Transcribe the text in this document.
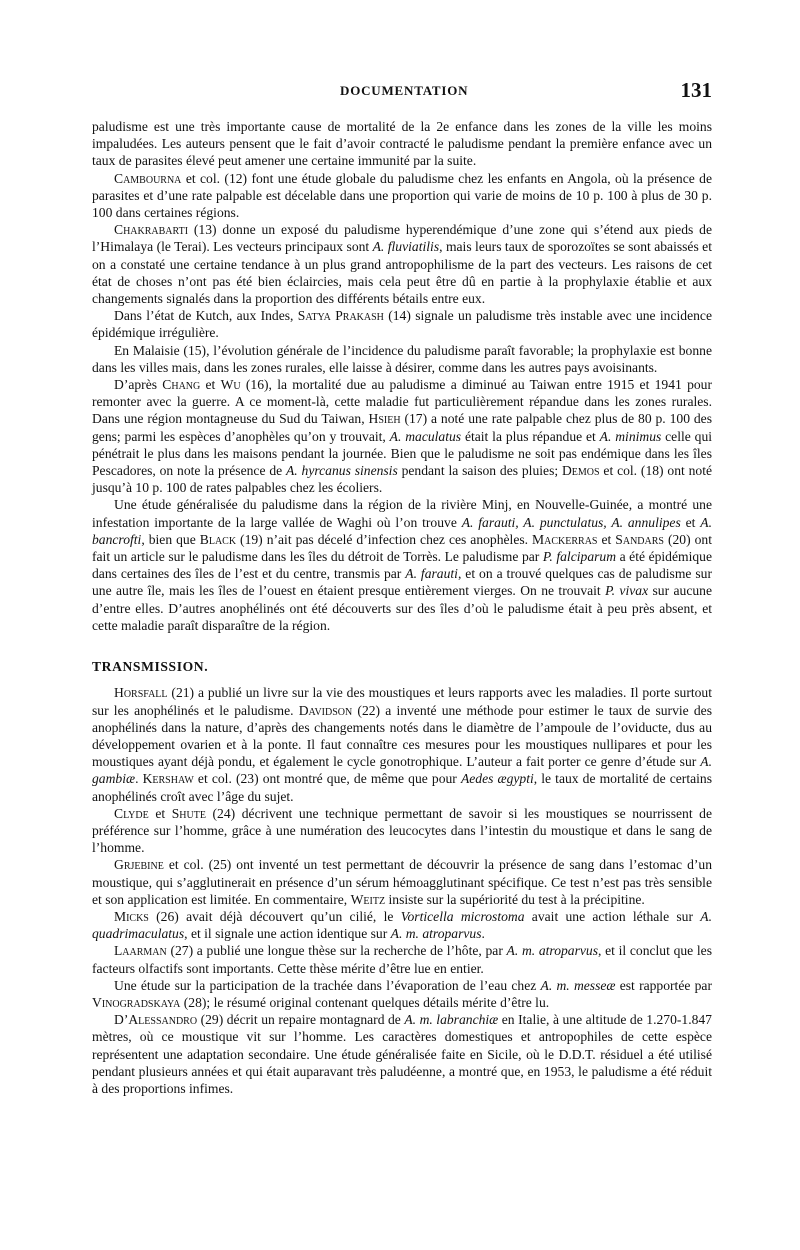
DOCUMENTATION	131

paludisme est une très importante cause de mortalité de la 2e enfance dans les zones de la ville les moins impaludées. Les auteurs pensent que le fait d’avoir contracté le paludisme pendant la première enfance avec un taux de parasites élevé peut amener une certaine immunité par la suite.

Cambourna et col. (12) font une étude globale du paludisme chez les enfants en Angola, où la présence de parasites et d’une rate palpable est décelable dans une proportion qui varie de moins de 10 p. 100 à plus de 30 p. 100 dans certaines régions.

Chakrabarti (13) donne un exposé du paludisme hyperendémique d’une zone qui s’étend aux pieds de l’Himalaya (le Terai). Les vecteurs principaux sont A. fluviatilis, mais leurs taux de sporozoïtes se sont abaissés et on a constaté une certaine tendance à un plus grand antropophilisme de la part des vecteurs. Les raisons de cet état de choses n’ont pas été bien éclaircies, mais cela peut être dû en partie à la prophylaxie établie et aux changements signalés dans la proportion des différents bétails entre eux.

Dans l’état de Kutch, aux Indes, Satya Prakash (14) signale un paludisme très instable avec une incidence épidémique irrégulière.

En Malaisie (15), l’évolution générale de l’incidence du paludisme paraît favorable; la prophylaxie est bonne dans les villes mais, dans les zones rurales, elle laisse à désirer, comme dans les autres pays avoisinants.

D’après Chang et Wu (16), la mortalité due au paludisme a diminué au Taiwan entre 1915 et 1941 pour remonter avec la guerre. A ce moment-là, cette maladie fut particulièrement répandue dans les zones rurales. Dans une région montagneuse du Sud du Taiwan, Hsieh (17) a noté une rate palpable chez plus de 80 p. 100 des gens; parmi les espèces d’anophèles qu’on y trouvait, A. maculatus était la plus répandue et A. minimus celle qui pénétrait le plus dans les maisons pendant la journée. Bien que le paludisme ne soit pas endémique dans les îles Pescadores, on note la présence de A. hyrcanus sinensis pendant la saison des pluies; Demos et col. (18) ont noté jusqu’à 10 p. 100 de rates palpables chez les écoliers.

Une étude généralisée du paludisme dans la région de la rivière Minj, en Nouvelle-Guinée, a montré une infestation importante de la large vallée de Waghi où l’on trouve A. farauti, A. punctulatus, A. annulipes et A. bancrofti, bien que Black (19) n’ait pas décelé d’infection chez ces anophèles. Mackerras et Sandars (20) ont fait un article sur le paludisme dans les îles du détroit de Torrès. Le paludisme par P. falciparum a été épidémique dans certaines des îles de l’est et du centre, transmis par A. farauti, et on a trouvé quelques cas de paludisme sur une autre île, mais les îles de l’ouest en étaient presque entièrement vierges. On ne trouvait P. vivax sur aucune d’entre elles. D’autres anophélinés ont été découverts sur des îles d’où le paludisme était à peu près absent, et cette maladie paraît disparaître de la région.

TRANSMISSION.

Horsfall (21) a publié un livre sur la vie des moustiques et leurs rapports avec les maladies. Il porte surtout sur les anophélinés et le paludisme. Davidson (22) a inventé une méthode pour estimer le taux de survie des anophélinés dans la nature, d’après des changements notés dans le diamètre de l’ampoule de l’oviducte, dus au développement ovarien et à la ponte. Il faut connaître ces mesures pour les moustiques nullipares et pour les moustiques ayant déjà pondu, et également le cycle gonotrophique. L’auteur a fait porter ce genre d’étude sur A. gambiæ. Kershaw et col. (23) ont montré que, de même que pour Aedes ægypti, le taux de mortalité de certains anophélinés croît avec l’âge du sujet.

Clyde et Shute (24) décrivent une technique permettant de savoir si les moustiques se nourrissent de préférence sur l’homme, grâce à une numération des leucocytes dans l’intestin du moustique et dans le sang de l’homme.

Grjebine et col. (25) ont inventé un test permettant de découvrir la présence de sang dans l’estomac d’un moustique, qui s’agglutinerait en présence d’un sérum hémoagglutinant spécifique. Ce test n’est pas très sensible et son application est limitée. En commentaire, Weitz insiste sur la supériorité du test à la précipitine.

Micks (26) avait déjà découvert qu’un cilié, le Vorticella microstoma avait une action léthale sur A. quadrimaculatus, et il signale une action identique sur A. m. atroparvus.

Laarman (27) a publié une longue thèse sur la recherche de l’hôte, par A. m. atroparvus, et il conclut que les facteurs olfactifs sont importants. Cette thèse mérite d’être lue en entier.

Une étude sur la participation de la trachée dans l’évaporation de l’eau chez A. m. messeæ est rapportée par Vinogradskaya (28); le résumé original contenant quelques détails mérite d’être lu.

D’Alessandro (29) décrit un repaire montagnard de A. m. labranchiæ en Italie, à une altitude de 1.270-1.847 mètres, où ce moustique vit sur l’homme. Les caractères domestiques et antropophiles de cette espèce représentent une adaptation secondaire. Une étude généralisée faite en Sicile, où le D.D.T. résiduel a été utilisé pendant plusieurs années et qui était auparavant très paludéenne, a montré que, en 1953, le paludisme a été réduit à des proportions infimes.
